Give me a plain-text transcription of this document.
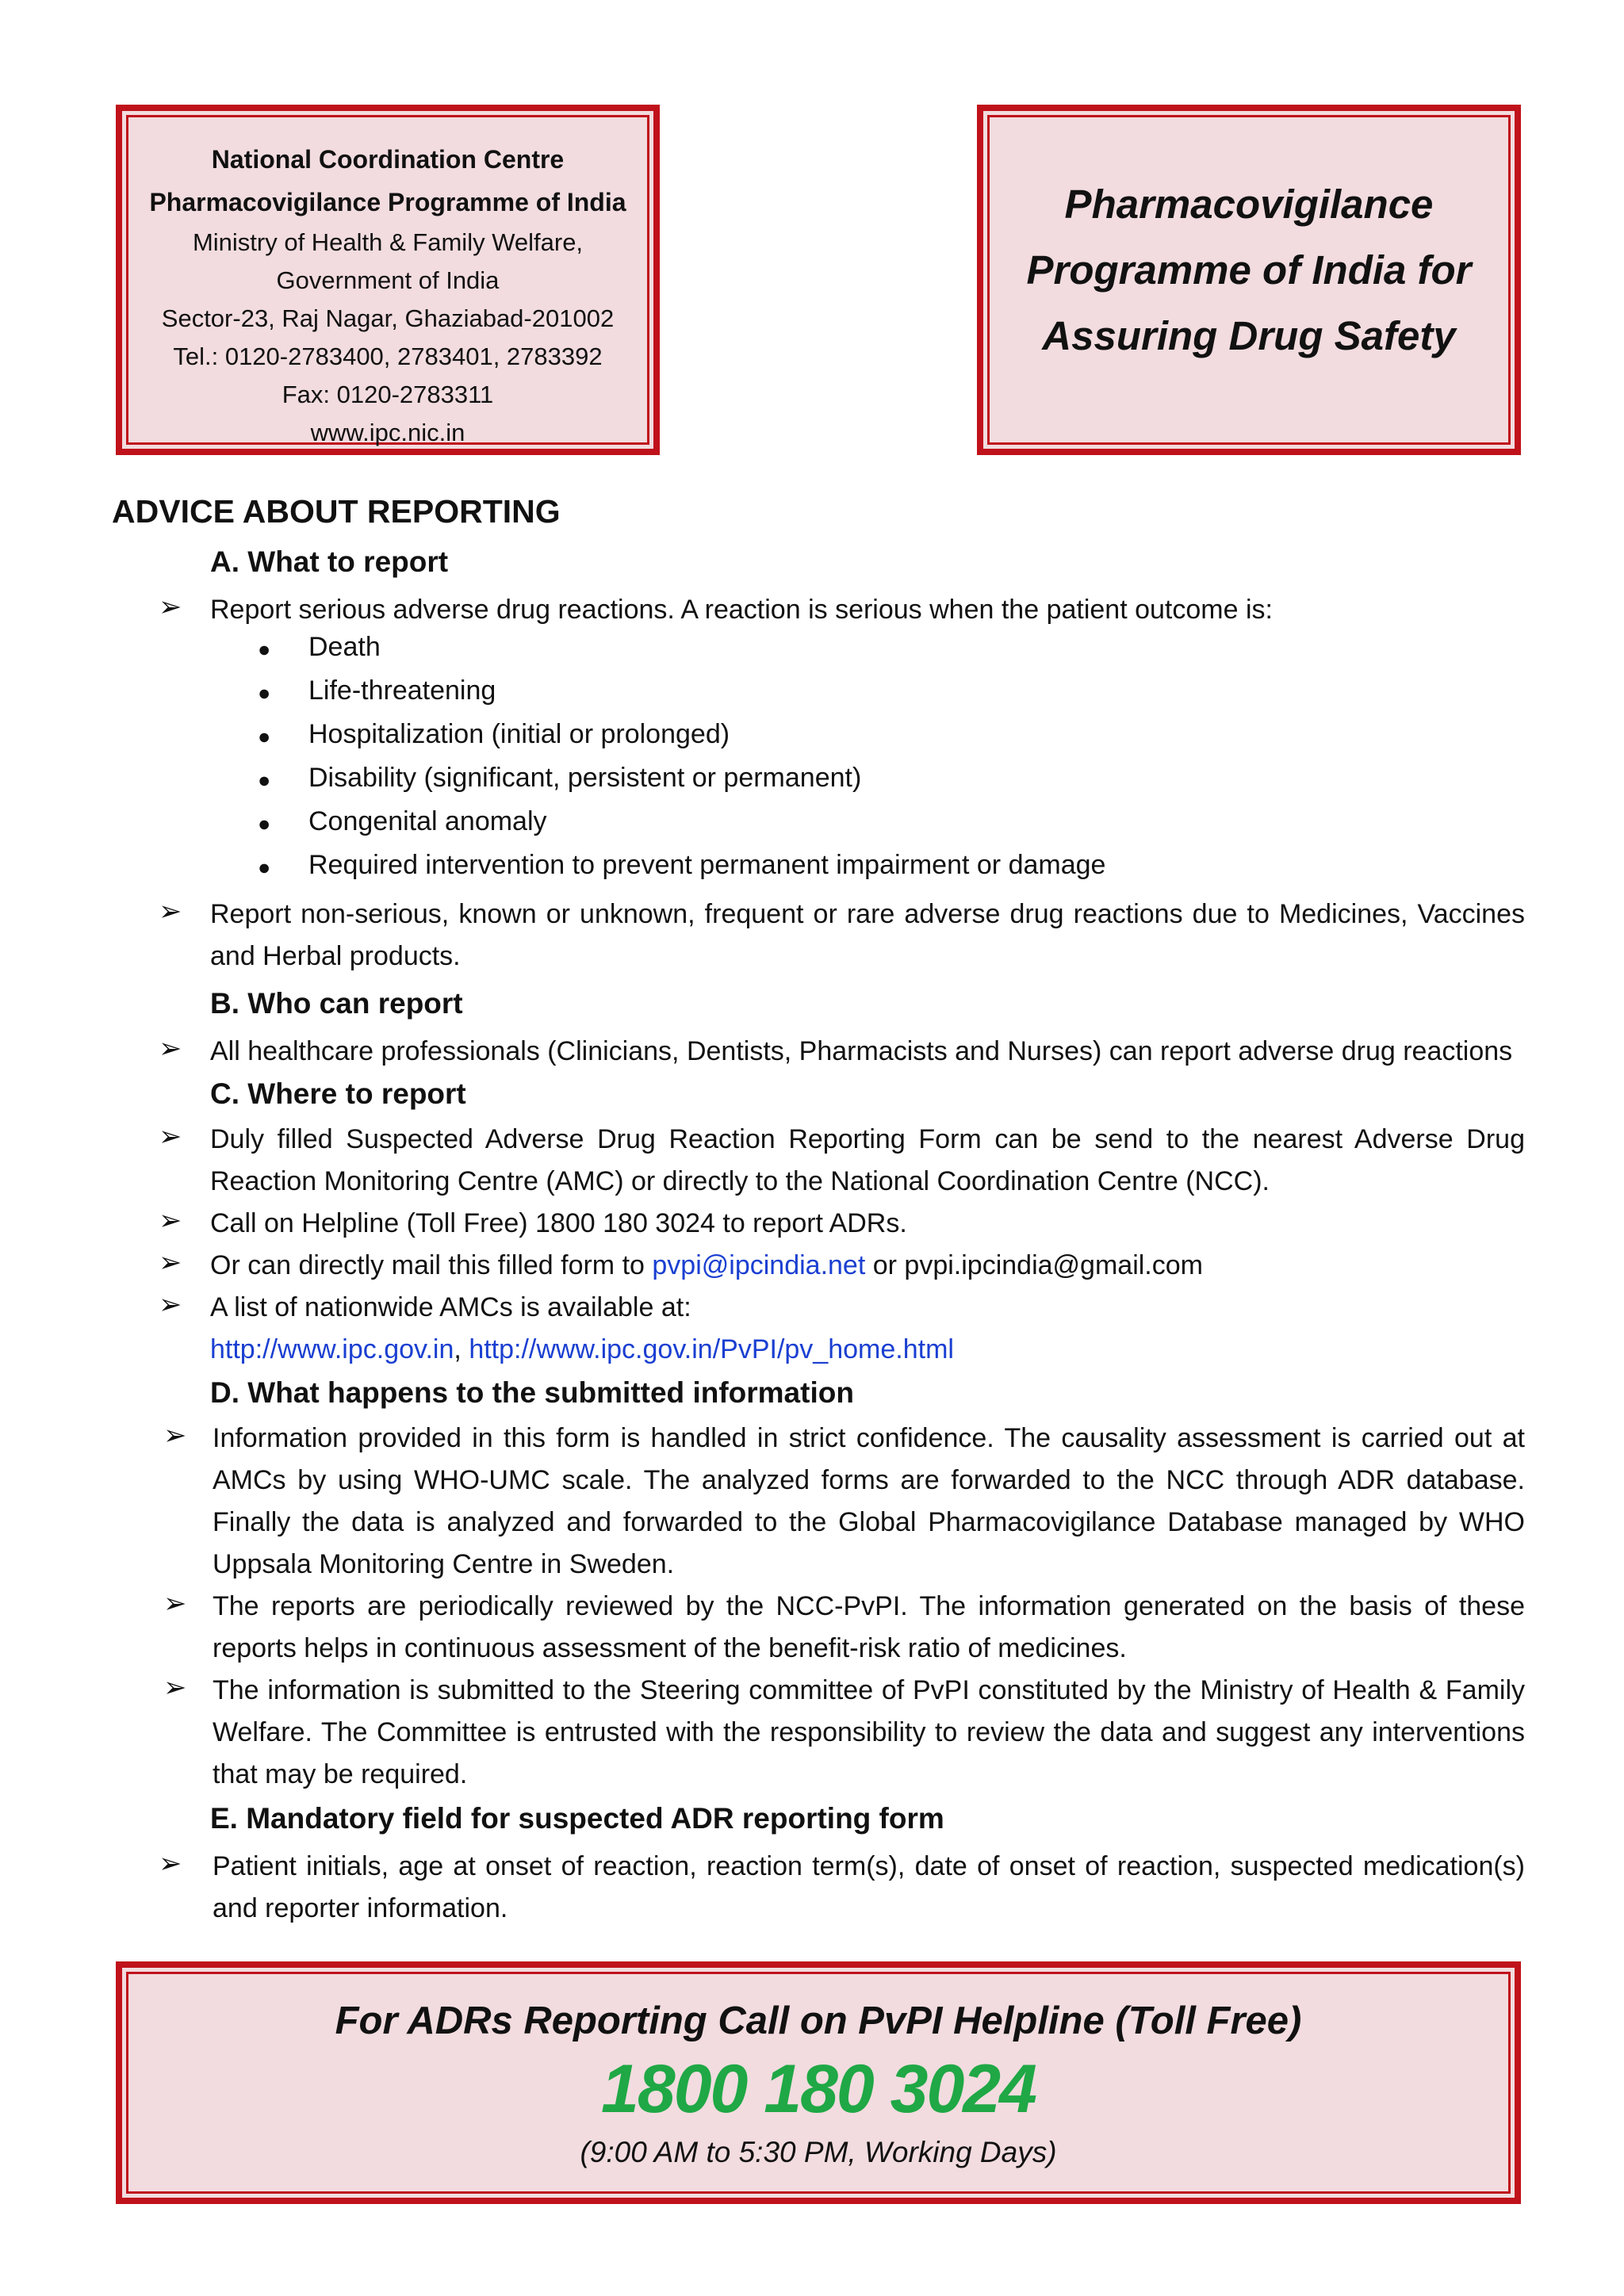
National Coordination Centre
Pharmacovigilance Programme of India
Ministry of Health & Family Welfare,
Government of India
Sector-23, Raj Nagar, Ghaziabad-201002
Tel.: 0120-2783400, 2783401, 2783392
Fax: 0120-2783311
www.ipc.nic.in
Pharmacovigilance
Programme of India for
Assuring Drug Safety
ADVICE ABOUT REPORTING
A. What to report
➢ Report serious adverse drug reactions. A reaction is serious when the patient outcome is:
● Death
● Life-threatening
● Hospitalization (initial or prolonged)
● Disability (significant, persistent or permanent)
● Congenital anomaly
● Required intervention to prevent permanent impairment or damage
➢ Report non-serious, known or unknown, frequent or rare adverse drug reactions due to Medicines, Vaccines and Herbal products.
B. Who can report
➢ All healthcare professionals (Clinicians, Dentists, Pharmacists and Nurses) can report adverse drug reactions
C. Where to report
➢ Duly filled Suspected Adverse Drug Reaction Reporting Form can be send to the nearest Adverse Drug Reaction Monitoring Centre (AMC) or directly to the National Coordination Centre (NCC).
➢ Call on Helpline (Toll Free) 1800 180 3024 to report ADRs.
➢ Or can directly mail this filled form to pvpi@ipcindia.net or pvpi.ipcindia@gmail.com
➢ A list of nationwide AMCs is available at:
http://www.ipc.gov.in, http://www.ipc.gov.in/PvPI/pv_home.html
D. What happens to the submitted information
➢ Information provided in this form is handled in strict confidence. The causality assessment is carried out at AMCs by using WHO-UMC scale. The analyzed forms are forwarded to the NCC through ADR database. Finally the data is analyzed and forwarded to the Global Pharmacovigilance Database managed by WHO Uppsala Monitoring Centre in Sweden.
➢ The reports are periodically reviewed by the NCC-PvPI. The information generated on the basis of these reports helps in continuous assessment of the benefit-risk ratio of medicines.
➢ The information is submitted to the Steering committee of PvPI constituted by the Ministry of Health & Family Welfare. The Committee is entrusted with the responsibility to review the data and suggest any interventions that may be required.
E. Mandatory field for suspected ADR reporting form
➢ Patient initials, age at onset of reaction, reaction term(s), date of onset of reaction, suspected medication(s) and reporter information.
For ADRs Reporting Call on PvPI Helpline (Toll Free)
1800 180 3024
(9:00 AM to 5:30 PM, Working Days)
